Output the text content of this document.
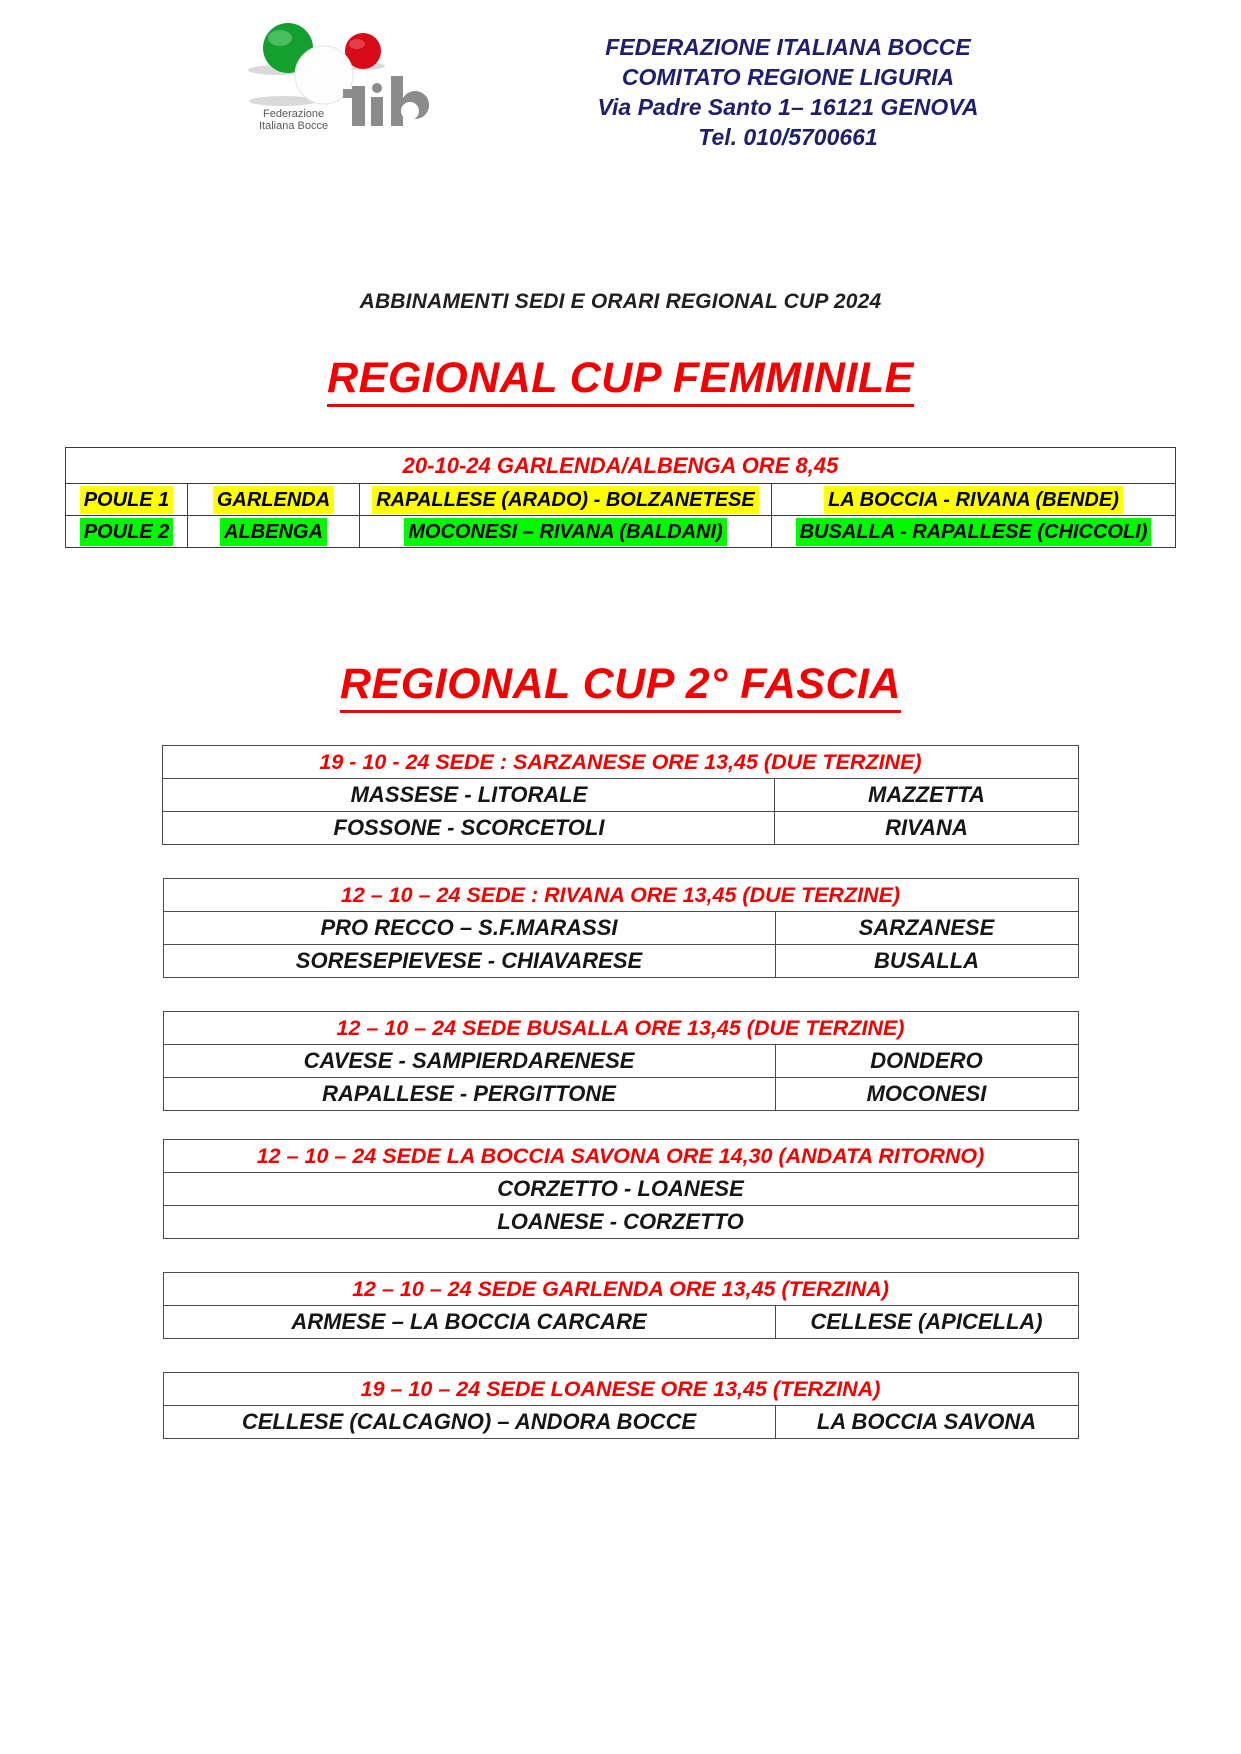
Federazione
Italiana Bocce
FEDERAZIONE ITALIANA BOCCE
COMITATO REGIONE LIGURIA
Via Padre Santo 1– 16121 GENOVA
Tel. 010/5700661
ABBINAMENTI SEDI E ORARI REGIONAL CUP 2024
REGIONAL CUP FEMMINILE
20-10-24 GARLENDA/ALBENGA ORE 8,45			
POULE 1	GARLENDA	RAPALLESE (ARADO) - BOLZANETESE	LA BOCCIA - RIVANA (BENDE)
POULE 2	ALBENGA	MOCONESI – RIVANA (BALDANI)	BUSALLA - RAPALLESE (CHICCOLI)
REGIONAL CUP 2° FASCIA
19 - 10 - 24 SEDE : SARZANESE ORE 13,45 (DUE TERZINE)	
MASSESE - LITORALE	MAZZETTA
FOSSONE - SCORCETOLI	RIVANA
12 – 10 – 24 SEDE : RIVANA ORE 13,45 (DUE TERZINE)	
PRO RECCO – S.F.MARASSI	SARZANESE
SORESEPIEVESE - CHIAVARESE	BUSALLA
12 – 10 – 24 SEDE BUSALLA ORE 13,45 (DUE TERZINE)	
CAVESE - SAMPIERDARENESE	DONDERO
RAPALLESE - PERGITTONE	MOCONESI
12 – 10 – 24 SEDE LA BOCCIA SAVONA ORE 14,30 (ANDATA RITORNO)
CORZETTO - LOANESE
LOANESE - CORZETTO
12 – 10 – 24 SEDE GARLENDA ORE 13,45 (TERZINA)
ARMESE – LA BOCCIA CARCARE	CELLESE (APICELLA)
19 – 10 – 24 SEDE LOANESE ORE 13,45 (TERZINA)
CELLESE (CALCAGNO) – ANDORA BOCCE	LA BOCCIA SAVONA
